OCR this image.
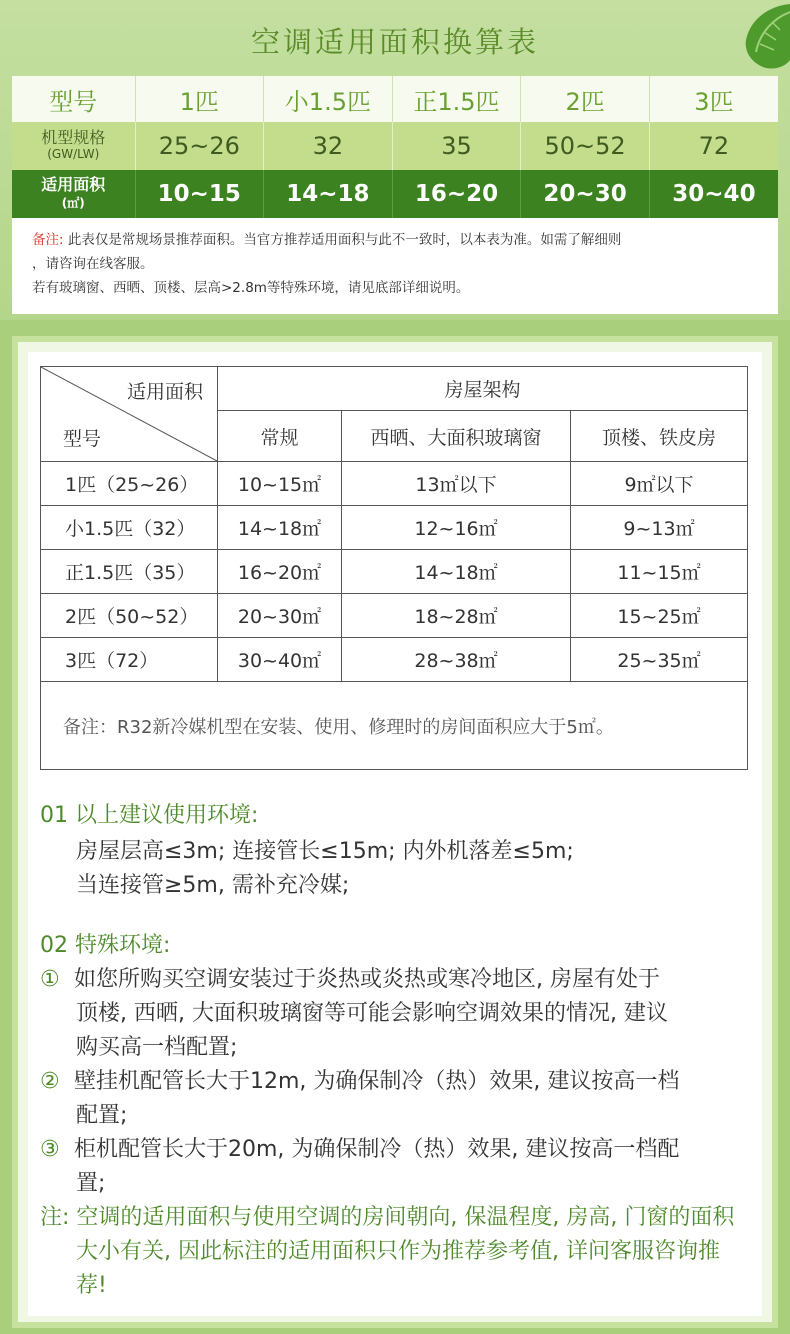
空调适用面积换算表
型号	1匹	小1.5匹	正1.5匹	2匹	3匹

机型规格
(GW/LW)	25~26	32	35	50~52	72

适用面积
(㎡)	10~15	14~18	16~20	20~30	30~40
备注: 此表仅是常规场景推荐面积。当官方推荐适用面积与此不一致时，以本表为准。如需了解细则
，请咨询在线客服。
若有玻璃窗、西晒、顶楼、层高>2.8m等特殊环境，请见底部详细说明。
适用面积
型号	房屋架构		
	常规	西晒、大面积玻璃窗	顶楼、铁皮房
1匹（25~26）	10~15㎡	13㎡以下	9㎡以下
小1.5匹（32）	14~18㎡	12~16㎡	9~13㎡
正1.5匹（35）	16~20㎡	14~18㎡	11~15㎡
2匹（50~52）	20~30㎡	18~28㎡	15~25㎡
3匹（72）	30~40㎡	28~38㎡	25~35㎡
备注：R32新冷媒机型在安装、使用、修理时的房间面积应大于5㎡。			
01 以上建议使用环境:
房屋层高≤3m; 连接管长≤15m; 内外机落差≤5m;
当连接管≥5m, 需补充冷媒;
02 特殊环境:
① 如您所购买空调安装过于炎热或炎热或寒冷地区, 房屋有处于
顶楼, 西晒, 大面积玻璃窗等可能会影响空调效果的情况, 建议
购买高一档配置;
② 壁挂机配管长大于12m, 为确保制冷（热）效果, 建议按高一档
配置;
③ 柜机配管长大于20m, 为确保制冷（热）效果, 建议按高一档配
置;
注: 空调的适用面积与使用空调的房间朝向, 保温程度, 房高, 门窗的面积
大小有关, 因此标注的适用面积只作为推荐参考值, 详问客服咨询推
荐!
